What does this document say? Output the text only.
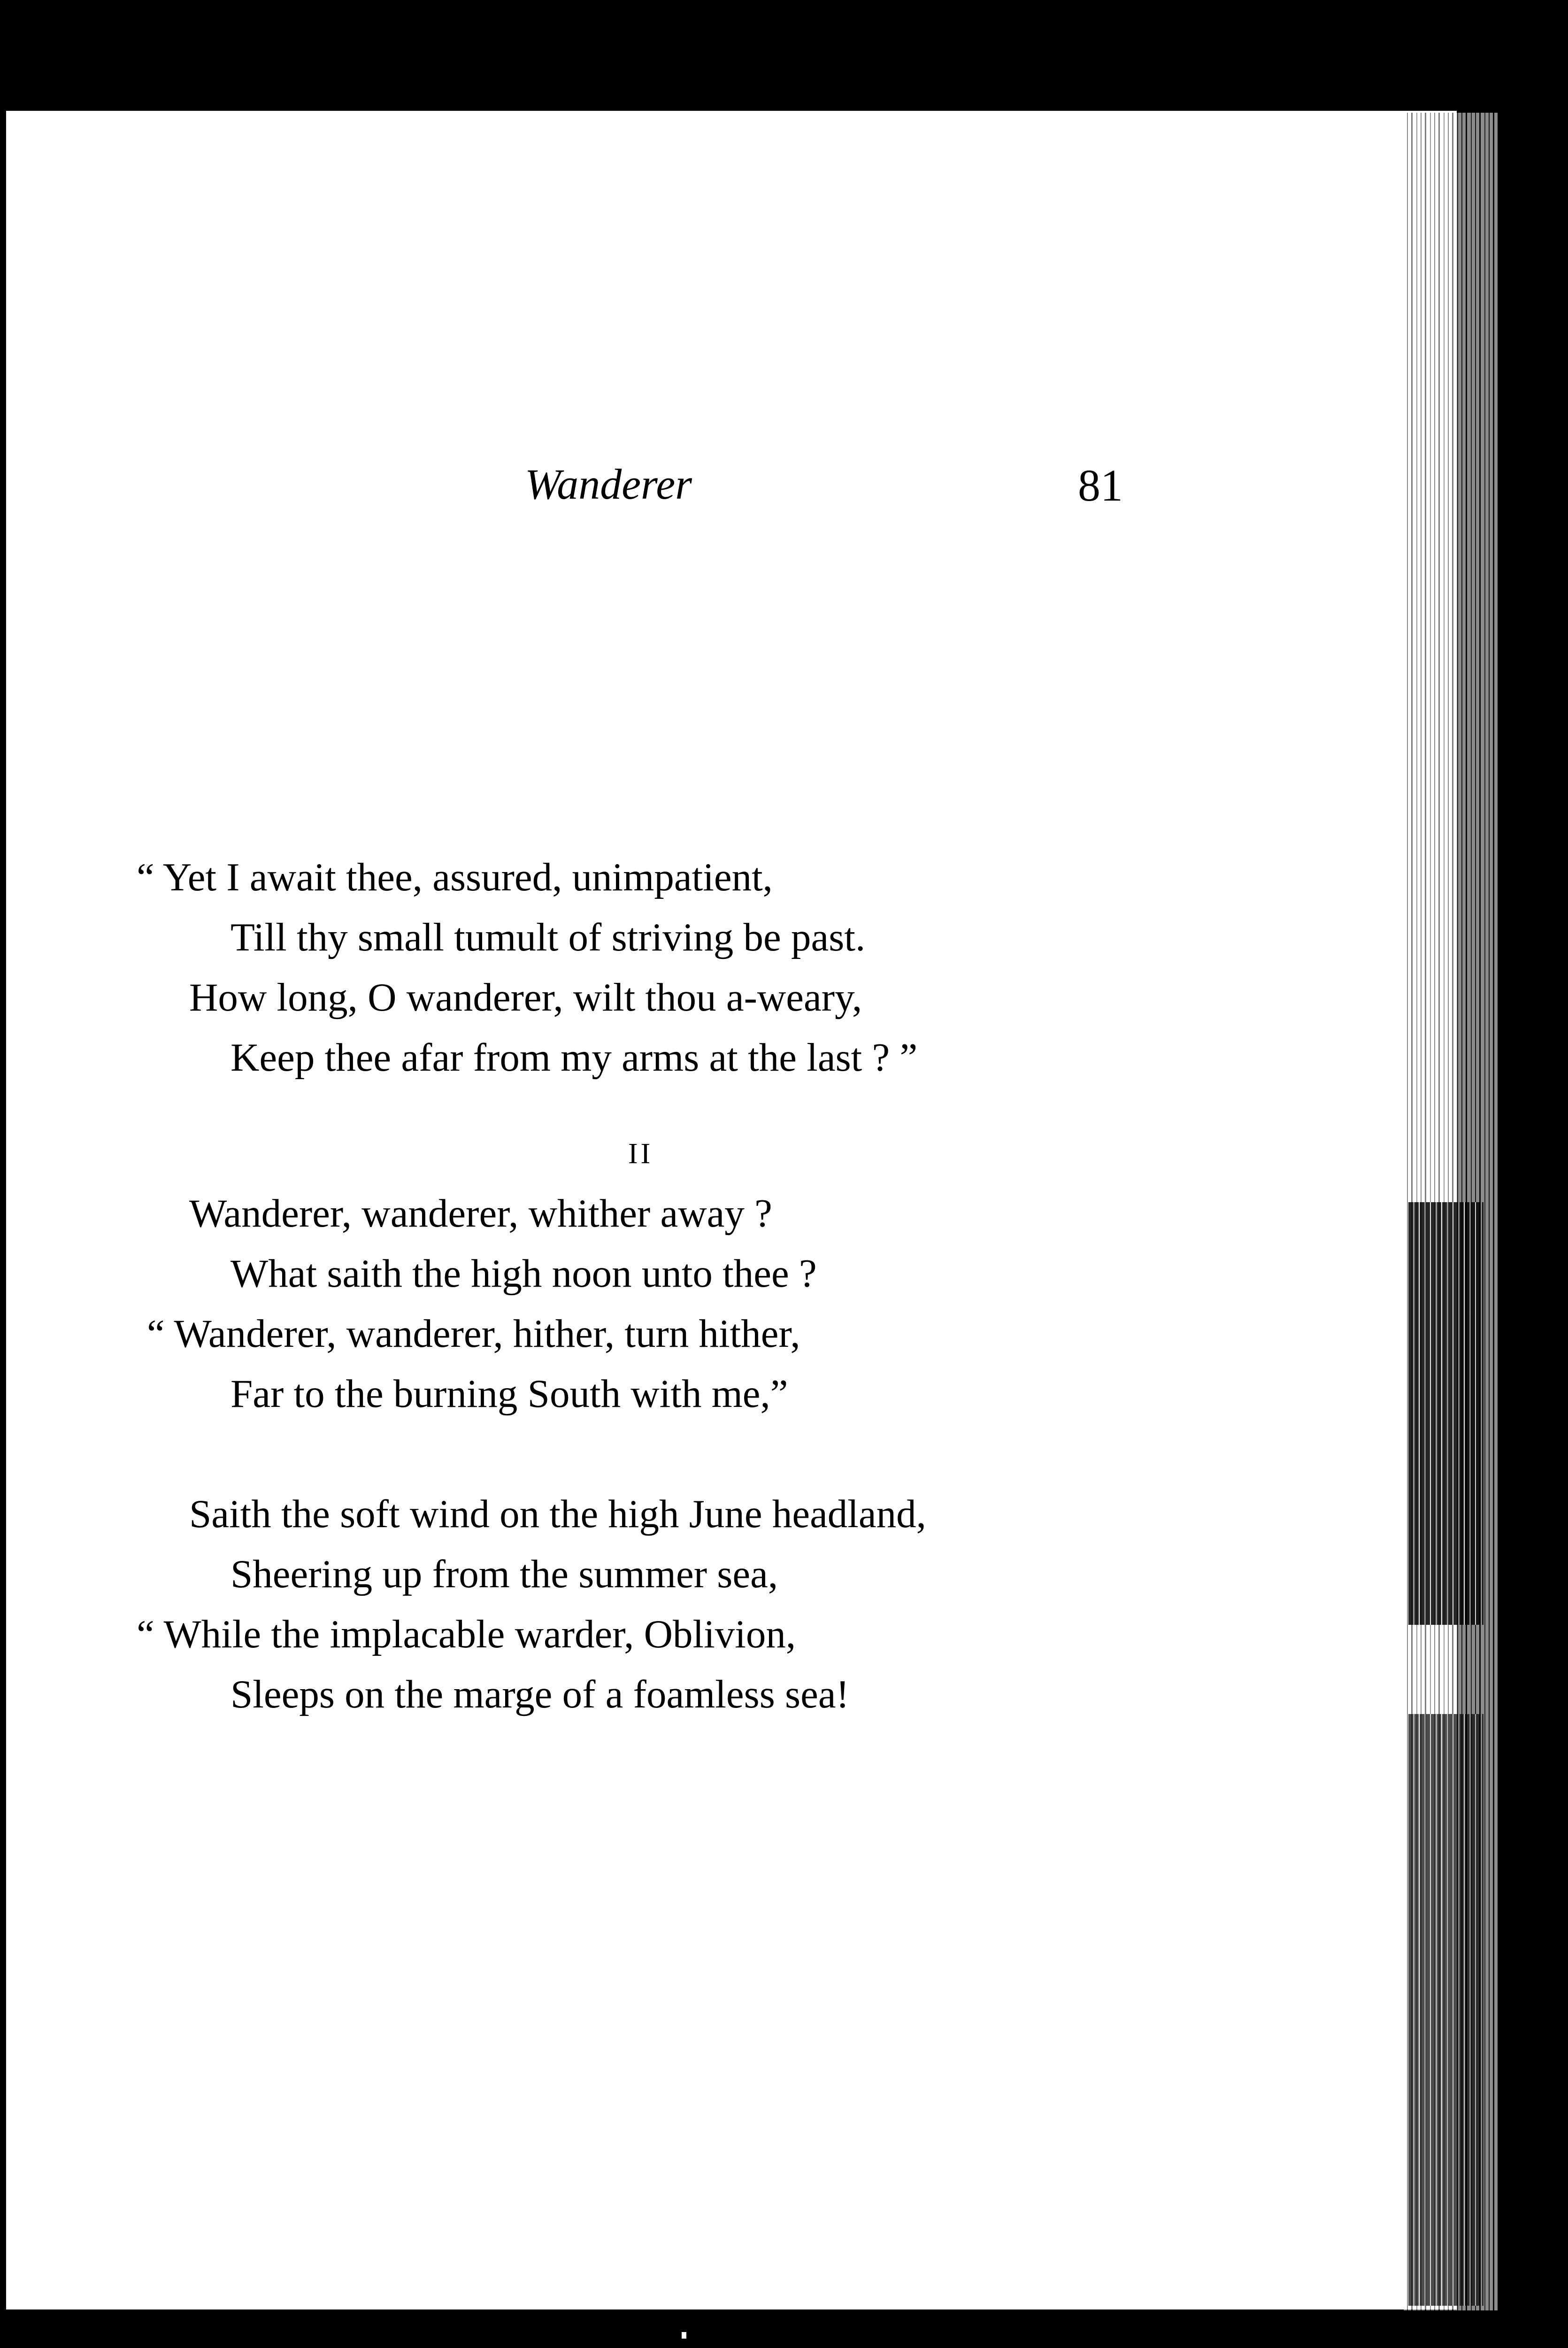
Wanderer	81
“ Yet I await thee, assured, unimpatient,
Till thy small tumult of striving be past.
How long, O wanderer, wilt thou a-weary,
Keep thee afar from my arms at the last ? ”
II
Wanderer, wanderer, whither away ?
What saith the high noon unto thee ?
“ Wanderer, wanderer, hither, turn hither,
Far to the burning South with me,”
Saith the soft wind on the high June headland,
Sheering up from the summer sea,
“ While the implacable warder, Oblivion,
Sleeps on the marge of a foamless sea!
